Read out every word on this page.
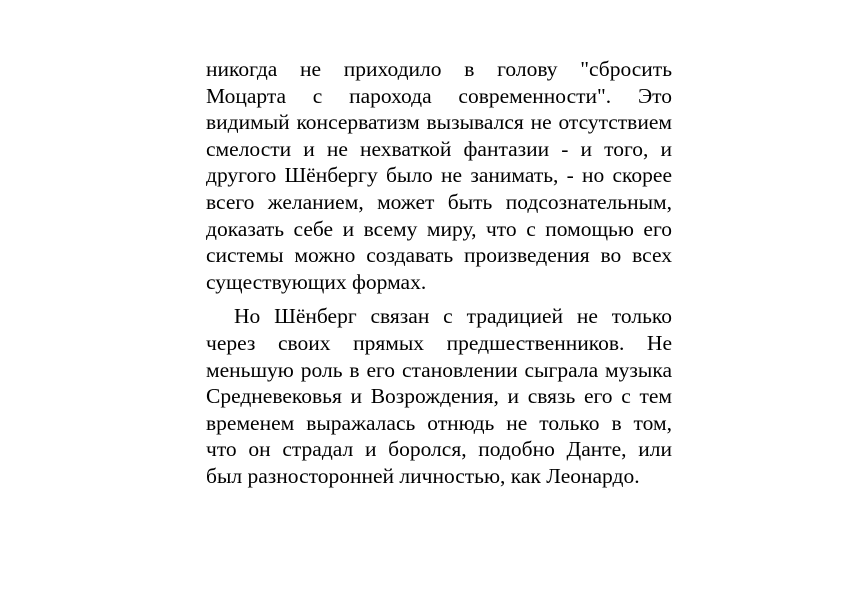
никогда не приходило в голову "сбросить
Моцарта с парохода современности". Это
видимый консерватизм вызывался не отсутствием
смелости и не нехваткой фантазии - и того, и
другого Шёнбергу было не занимать, - но скорее
всего желанием, может быть подсознательным,
доказать себе и всему миру, что с помощью его
системы можно создавать произведения во всех
существующих формах.
Но Шёнберг связан с традицией не только
через своих прямых предшественников. Не
меньшую роль в его становлении сыграла музыка
Средневековья и Возрождения, и связь его с тем
временем выражалась отнюдь не только в том,
что он страдал и боролся, подобно Данте, или
был разносторонней личностью, как Леонардо.
